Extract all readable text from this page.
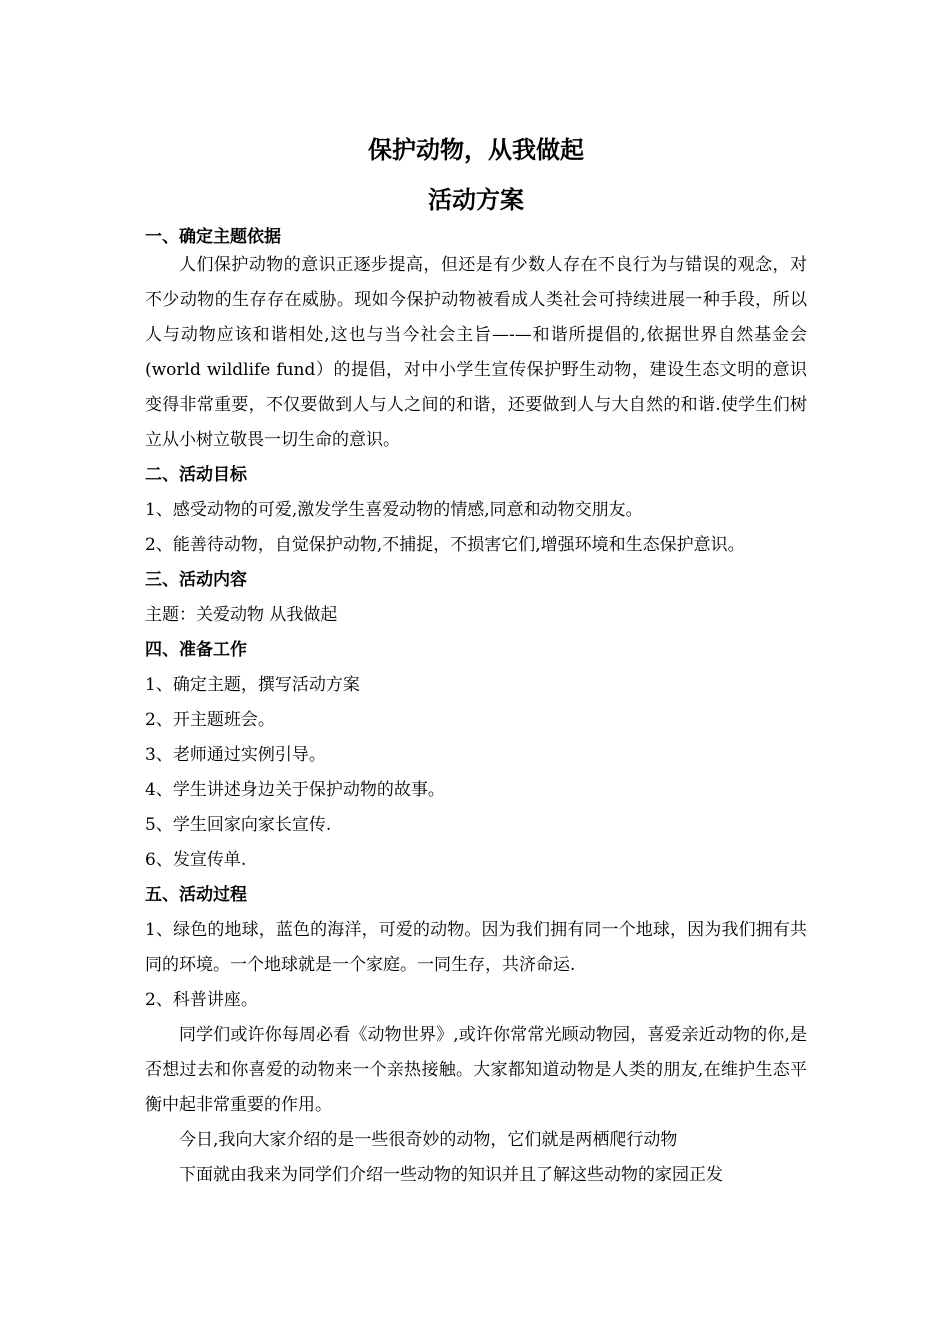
保护动物，从我做起
活动方案
一、确定主题依据

人们保护动物的意识正逐步提高，但还是有少数人存在不良行为与错误的观念，对不少动物的生存存在威胁。现如今保护动物被看成人类社会可持续进展一种手段，所以人与动物应该和谐相处,这也与当今社会主旨—-—和谐所提倡的,依据世界自然基金会(world wildlife fund）的提倡，对中小学生宣传保护野生动物，建设生态文明的意识变得非常重要，不仅要做到人与人之间的和谐，还要做到人与大自然的和谐.使学生们树立从小树立敬畏一切生命的意识。

二、活动目标

1、感受动物的可爱,激发学生喜爱动物的情感,同意和动物交朋友。

2、能善待动物，自觉保护动物,不捕捉，不损害它们,增强环境和生态保护意识。

三、活动内容

主题：关爱动物 从我做起

四、准备工作

1、确定主题，撰写活动方案

2、开主题班会。

3、老师通过实例引导。

4、学生讲述身边关于保护动物的故事。

5、学生回家向家长宣传.

6、发宣传单.

五、活动过程

1、绿色的地球，蓝色的海洋，可爱的动物。因为我们拥有同一个地球，因为我们拥有共同的环境。一个地球就是一个家庭。一同生存，共济命运.

2、科普讲座。

同学们或许你每周必看《动物世界》,或许你常常光顾动物园，喜爱亲近动物的你,是否想过去和你喜爱的动物来一个亲热接触。大家都知道动物是人类的朋友,在维护生态平衡中起非常重要的作用。

今日,我向大家介绍的是一些很奇妙的动物，它们就是两栖爬行动物

下面就由我来为同学们介绍一些动物的知识并且了解这些动物的家园正发
